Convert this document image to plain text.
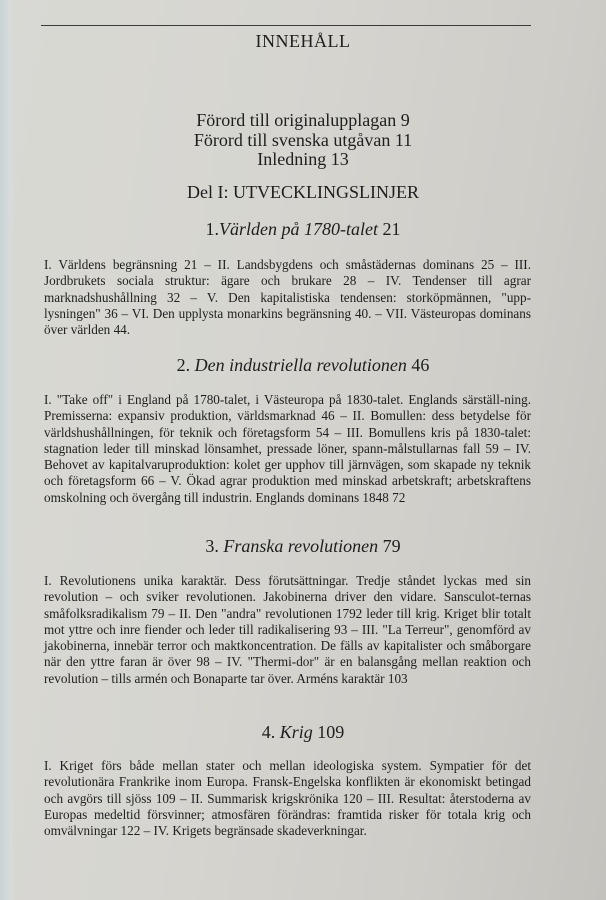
INNEHÅLL
Förord till originalupplagan 9
Förord till svenska utgåvan 11
Inledning 13
Del I: UTVECKLINGSLINJER
1.Världen på 1780-talet 21

I. Världens begränsning 21 – II. Landsbygdens och småstädernas dominans 25 – III. Jordbrukets sociala struktur: ägare och brukare 28 – IV. Tendenser till agrar marknadshushållning 32 – V. Den kapitalistiska tendensen: storköpmännen, "upp-lysningen" 36 – VI. Den upplysta monarkins begränsning 40. – VII. Västeuropas dominans över världen 44.

2. Den industriella revolutionen 46

I. "Take off" i England på 1780-talet, i Västeuropa på 1830-talet. Englands särställ-ning. Premisserna: expansiv produktion, världsmarknad 46 – II. Bomullen: dess betydelse för världshushållningen, för teknik och företagsform 54 – III. Bomullens kris på 1830-talet: stagnation leder till minskad lönsamhet, pressade löner, spann-målstullarnas fall 59 – IV. Behovet av kapitalvaruproduktion: kolet ger upphov till järnvägen, som skapade ny teknik och företagsform 66 – V. Ökad agrar produktion med minskad arbetskraft; arbetskraftens omskolning och övergång till industrin. Englands dominans 1848 72

3. Franska revolutionen 79

I. Revolutionens unika karaktär. Dess förutsättningar. Tredje ståndet lyckas med sin revolution – och sviker revolutionen. Jakobinerna driver den vidare. Sansculot-ternas småfolksradikalism 79 – II. Den "andra" revolutionen 1792 leder till krig. Kriget blir totalt mot yttre och inre fiender och leder till radikalisering 93 – III. "La Terreur", genomförd av jakobinerna, innebär terror och maktkoncentration. De fälls av kapitalister och småborgare när den yttre faran är över 98 – IV. "Thermi-dor" är en balansgång mellan reaktion och revolution – tills armén och Bonaparte tar över. Arméns karaktär 103

4. Krig 109

I. Kriget förs både mellan stater och mellan ideologiska system. Sympatier för det revolutionära Frankrike inom Europa. Fransk-Engelska konflikten är ekonomiskt betingad och avgörs till sjöss 109 – II. Summarisk krigskrönika 120 – III. Resultat: återstoderna av Europas medeltid försvinner; atmosfären förändras: framtida risker för totala krig och omvälvningar 122 – IV. Krigets begränsade skadeverkningar.
